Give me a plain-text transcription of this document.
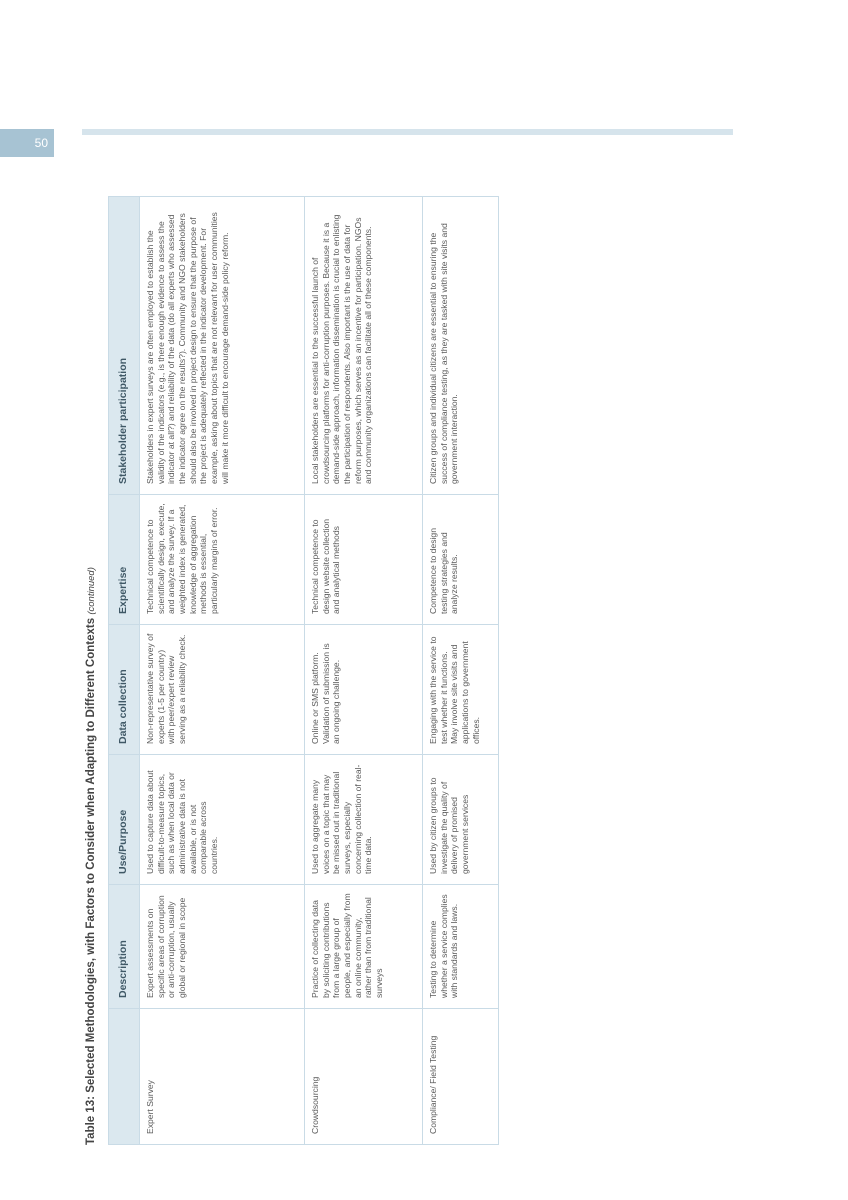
50
Table 13: Selected Methodologies, with Factors to Consider when Adapting to Different Contexts (continued)
	Description	Use/Purpose	Data collection	Expertise	Stakeholder participation
Expert Survey	Expert assessments on specific areas of corruption or anti-corruption, usually global or regional in scope	Used to capture data about difficult-to-measure topics, such as when local data or administrative data is not available, or is not comparable across countries.	Non-representative survey of experts (1-5 per country) with peer/expert review serving as a reliability check.	Technical competence to scientifically design, execute, and analyze the survey. If a weighted index is generated, knowledge of aggregation methods is essential, particularly margins of error.	Stakeholders in expert surveys are often employed to establish the validity of the indicators (e.g., is there enough evidence to assess the indicator at all?) and reliability of the data (do all experts who assessed the indicator agree on the results?). Community and NGO stakeholders should also be involved in project design to ensure that the purpose of the project is adequately reflected in the indicator development. For example, asking about topics that are not relevant for user communities will make it more difficult to encourage demand-side policy reform.
Crowdsourcing	Practice of collecting data by soliciting contributions from a large group of people, and especially from an online community, rather than from traditional surveys	Used to aggregate many voices on a topic that may be missed out in traditional surveys, especially concerning collection of real-time data.	Online or SMS platform. Validation of submission is an ongoing challenge.	Technical competence to design website collection and analytical methods	Local stakeholders are essential to the successful launch of crowdsourcing platforms for anti-corruption purposes. Because it is a demand-side approach, information dissemination is crucial to enlisting the participation of respondents. Also important is the use of data for reform purposes, which serves as an incentive for participation. NGOs and community organizations can facilitate all of these components.
Compliance/ Field Testing	Testing to determine whether a service complies with standards and laws.	Used by citizen groups to investigate the quality of delivery of promised government services	Engaging with the service to test whether it functions. May involve site visits and applications to government offices.	Competence to design testing strategies and analyze results.	Citizen groups and individual citizens are essential to ensuring the success of compliance testing, as they are tasked with site visits and government interaction.
